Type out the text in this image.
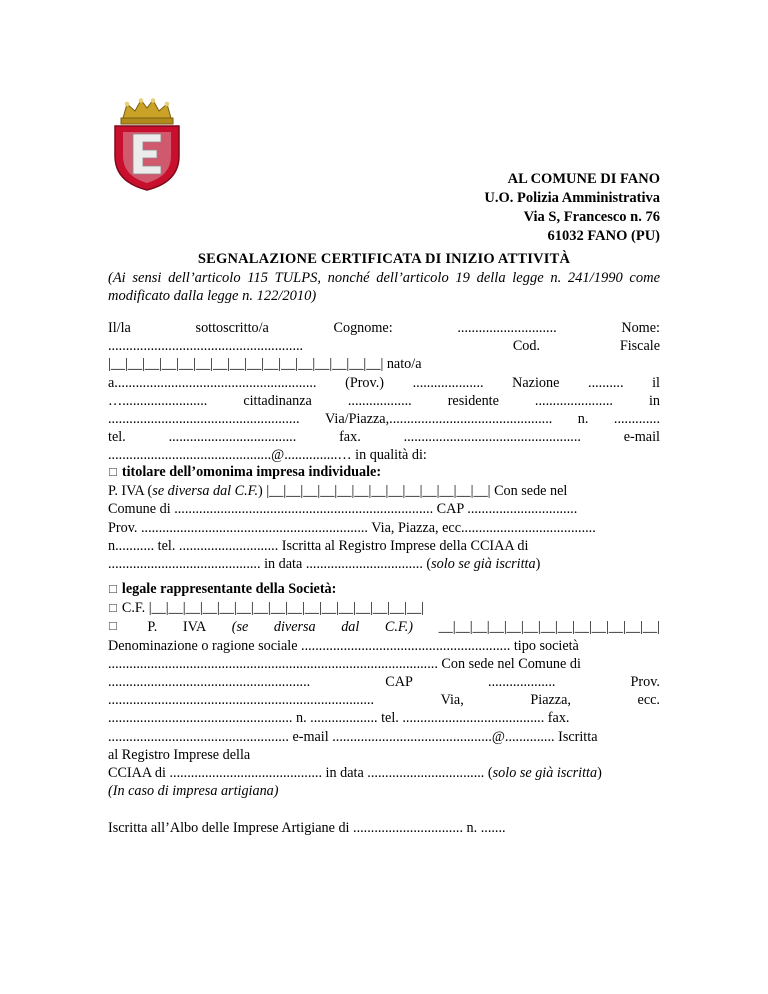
AL COMUNE DI FANO
U.O. Polizia Amministrativa
Via S, Francesco n. 76
61032 FANO (PU)
SEGNALAZIONE CERTIFICATA DI INIZIO ATTIVITÀ
(Ai sensi dell’articolo 115 TULPS, nonché dell’articolo 19 della legge n. 241/1990 come modificato dalla legge n. 122/2010)
Il/la	sottoscritto/a	Cognome:	............................	Nome:
.......................................................	Cod.	Fiscale
|__|__|__|__|__|__|__|__|__|__|__|__|__|__|__|__| nato/a
a......................................................... (Prov.) .................... Nazione .......... il
…........................	cittadinanza	..................	residente	......................	in
...................................................... Via/Piazza,.............................................. n. .............
tel.	....................................	fax.	..................................................	e-mail
..............................................@...............… in qualità di:
☐ titolare dell’omonima impresa individuale:
P. IVA (se diversa dal C.F.) |__|__|__|__|__|__|__|__|__|__|__|__|__| Con sede nel
Comune di ......................................................................... CAP ...............................
Prov. ................................................................ Via, Piazza, ecc......................................
n........... tel. ............................ Iscritta al Registro Imprese della CCIAA di
........................................... in data ................................. (solo se già iscritta)
☐ legale rappresentante della Società:
☐ C.F. |__|__|__|__|__|__|__|__|__|__|__|__|__|__|__|__|
☐ P. IVA (se diversa dal C.F.) __|__|__|__|__|__|__|__|__|__|__|__|__|
Denominazione o ragione sociale ........................................................... tipo società
............................................................................................. Con sede nel Comune di
.........................................................	CAP	...................	Prov.
...........................................................................	Via,	Piazza,	ecc.
.................................................... n. ................... tel. ........................................ fax.
................................................... e-mail .............................................@.............. Iscritta
al Registro Imprese della
CCIAA di ........................................... in data ................................. (solo se già iscritta)
(In caso di impresa artigiana)
Iscritta all’Albo delle Imprese Artigiane di ............................... n. .......
